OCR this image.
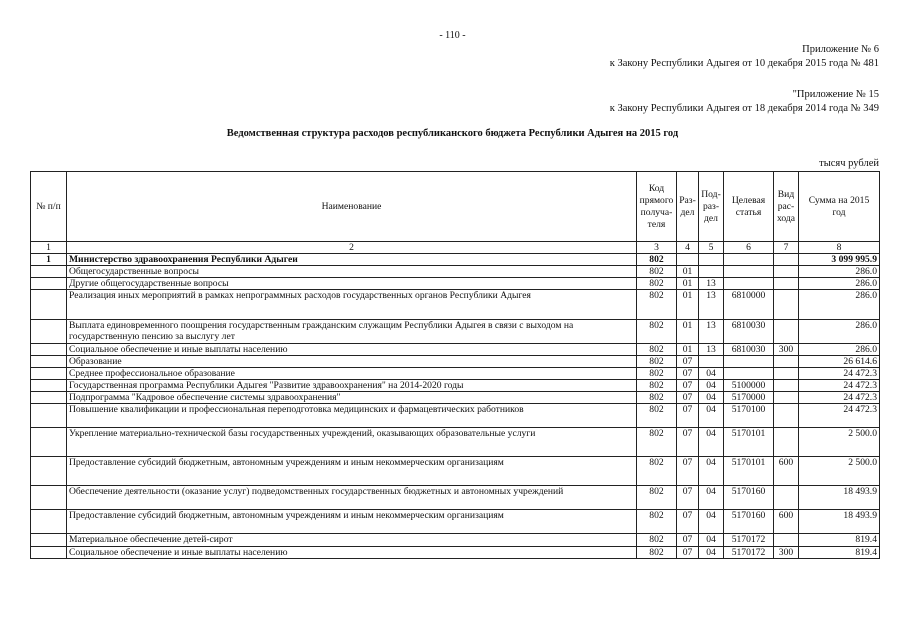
- 110 -
Приложение № 6
к Закону Республики Адыгея от 10 декабря 2015 года № 481
"Приложение № 15
к Закону Республики Адыгея от 18 декабря 2014 года № 349
Ведомственная структура расходов республиканского бюджета Республики Адыгея на 2015 год
тысяч рублей
№ п/п	Наименование	Код прямого получа-теля	Раз-дел	Под-раз-дел	Целевая статья	Вид рас-хода	Сумма на 2015 год
1	2	3	4	5	6	7	8
1	Министерство здравоохранения Республики Адыгеи	802					3 099 995.9
	Общегосударственные вопросы	802	01				286.0
	Другие общегосударственные вопросы	802	01	13			286.0
	Реализация иных мероприятий в рамках непрограммных расходов государственных органов Республики Адыгея	802	01	13	6810000		286.0
	Выплата единовременного поощрения государственным гражданским служащим Республики Адыгея в связи с выходом на государственную пенсию за выслугу лет	802	01	13	6810030		286.0
	Социальное обеспечение и иные выплаты населению	802	01	13	6810030	300	286.0
	Образование	802	07				26 614.6
	Среднее профессиональное образование	802	07	04			24 472.3
	Государственная программа Республики Адыгея "Развитие здравоохранения" на 2014-2020 годы	802	07	04	5100000		24 472.3
	Подпрограмма "Кадровое обеспечение системы здравоохранения"	802	07	04	5170000		24 472.3
	Повышение квалификации и профессиональная переподготовка медицинских и фармацевтических работников	802	07	04	5170100		24 472.3
	Укрепление материально-технической базы государственных учреждений, оказывающих образовательные услуги	802	07	04	5170101		2 500.0
	Предоставление субсидий бюджетным, автономным учреждениям и иным некоммерческим организациям	802	07	04	5170101	600	2 500.0
	Обеспечение деятельности (оказание услуг) подведомственных государственных бюджетных и автономных учреждений	802	07	04	5170160		18 493.9
	Предоставление субсидий бюджетным, автономным учреждениям и иным некоммерческим организациям	802	07	04	5170160	600	18 493.9
	Материальное обеспечение детей-сирот	802	07	04	5170172		819.4
	Социальное обеспечение и иные выплаты населению	802	07	04	5170172	300	819.4
